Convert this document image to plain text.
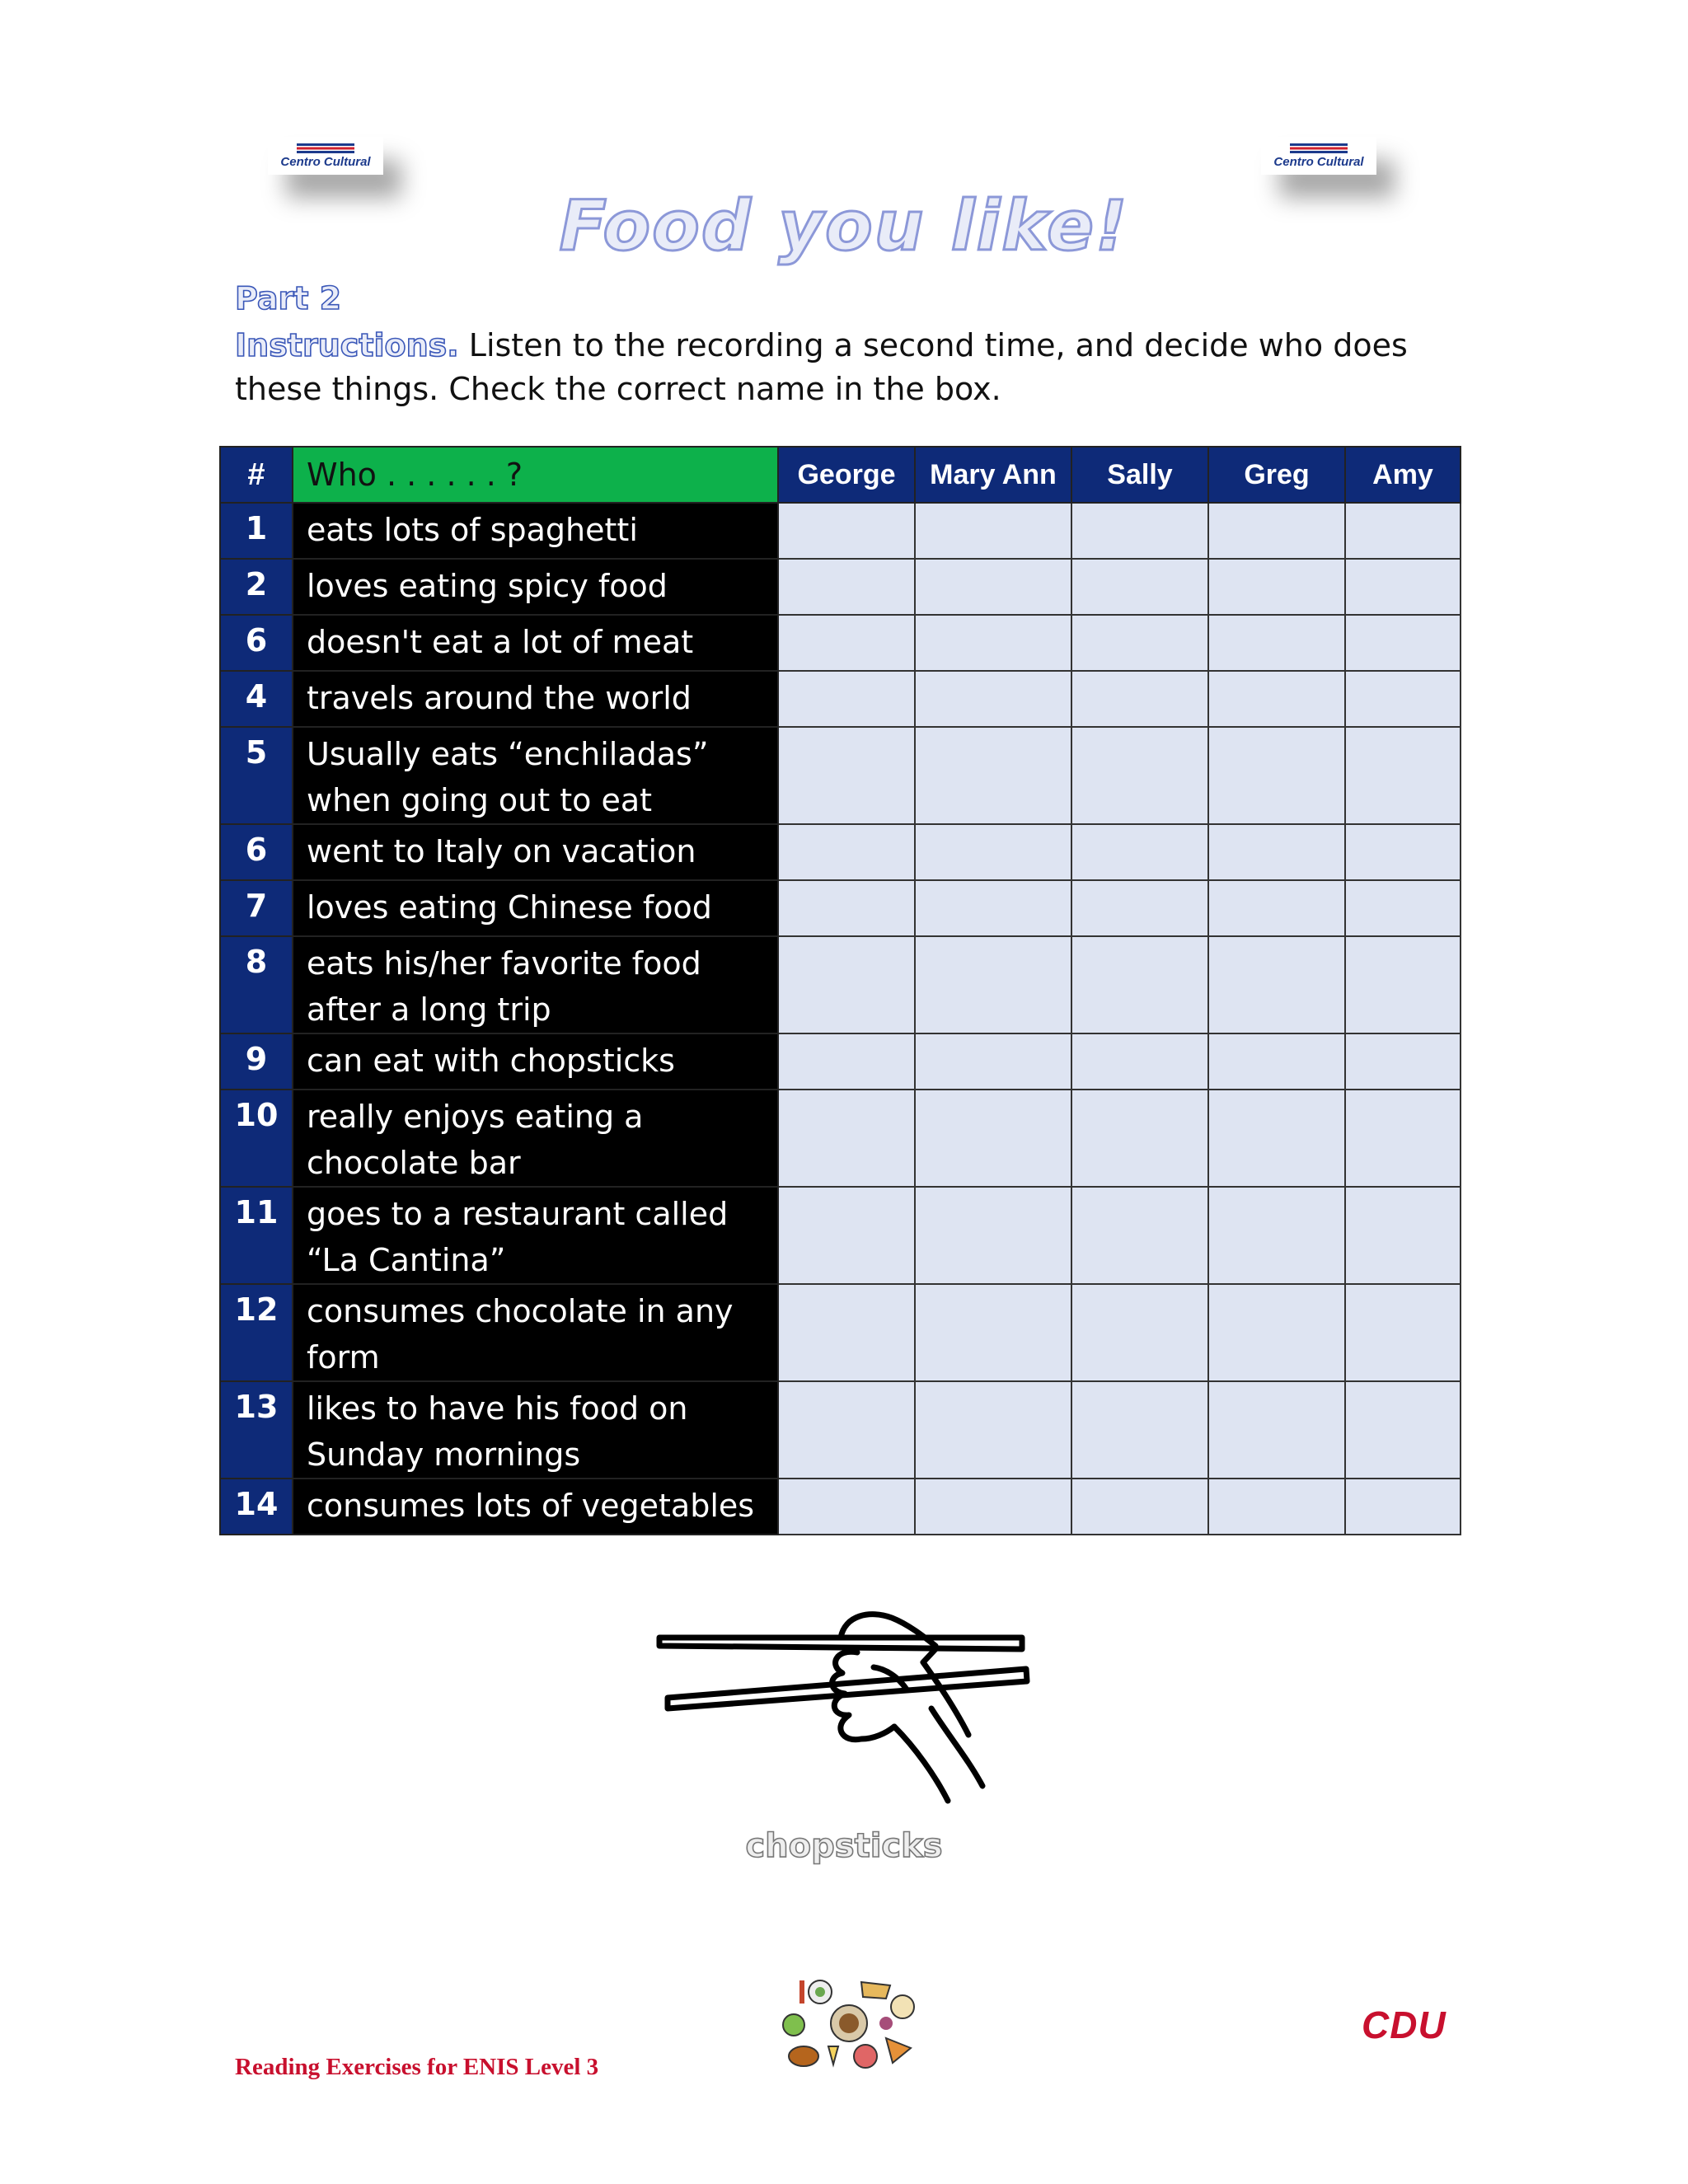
Centro Cultural	Centro Cultural
Food you like!
Part 2
Instructions. Listen to the recording a second time, and decide who does these things. Check the correct name in the box.
#	Who . . . . . . ?	George	Mary Ann	Sally	Greg	Amy
1	eats lots of spaghetti					
2	loves eating spicy food					
6	doesn't eat a lot of meat					
4	travels around the world					
5	Usually eats “enchiladas” when going out to eat					
6	went to Italy on vacation					
7	loves eating Chinese food					
8	eats his/her favorite food after a long trip					
9	can eat with chopsticks					
10	really enjoys eating a chocolate bar					
11	goes to a restaurant called “La Cantina”					
12	consumes chocolate in any form					
13	likes to have his food on Sunday mornings					
14	consumes lots of vegetables					
chopsticks
Reading Exercises for ENIS Level 3
CDU
